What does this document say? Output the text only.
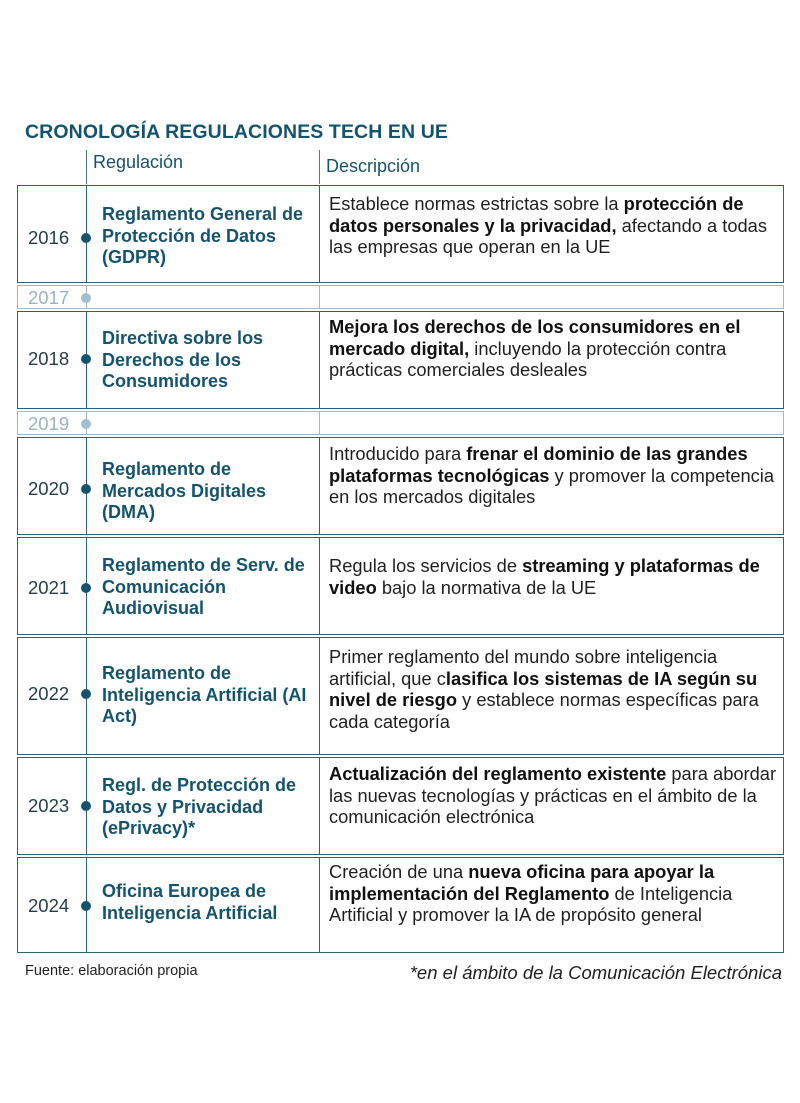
CRONOLOGÍA REGULACIONES TECH EN UE
Regulación	Descripción
2016
Reglamento General de Protección de Datos (GDPR)
Establece normas estrictas sobre la protección de datos personales y la privacidad, afectando a todas las empresas que operan en la UE
2017
2018
Directiva sobre los Derechos de los Consumidores
Mejora los derechos de los consumidores en el mercado digital, incluyendo la protección contra prácticas comerciales desleales
2019
2020
Reglamento de Mercados Digitales (DMA)
Introducido para frenar el dominio de las grandes plataformas tecnológicas y promover la competencia en los mercados digitales
2021
Reglamento de Serv. de Comunicación Audiovisual
Regula los servicios de streaming y plataformas de video bajo la normativa de la UE
2022
Reglamento de Inteligencia Artificial (AI Act)
Primer reglamento del mundo sobre inteligencia artificial, que clasifica los sistemas de IA según su nivel de riesgo y establece normas específicas para cada categoría
2023
Regl. de Protección de Datos y Privacidad (ePrivacy)*
Actualización del reglamento existente para abordar las nuevas tecnologías y prácticas en el ámbito de la comunicación electrónica
2024
Oficina Europea de Inteligencia Artificial
Creación de una nueva oficina para apoyar la implementación del Reglamento de Inteligencia Artificial y promover la IA de propósito general
Fuente: elaboración propia	*en el ámbito de la Comunicación Electrónica
